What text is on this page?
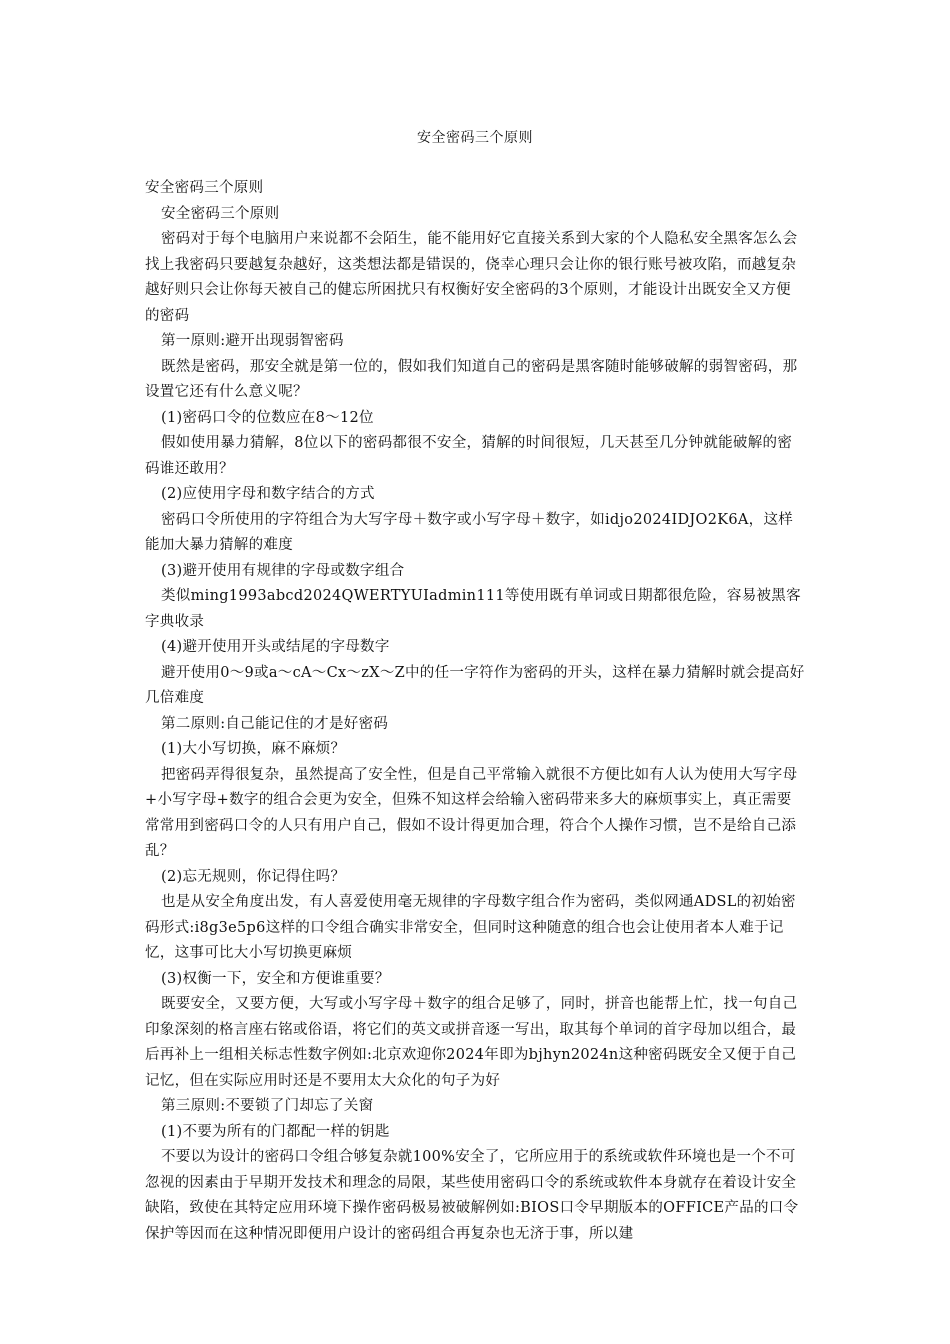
安全密码三个原则

安全密码三个原则

安全密码三个原则

密码对于每个电脑用户来说都不会陌生，能不能用好它直接关系到大家的个人隐私安全黑客怎么会找上我密码只要越复杂越好，这类想法都是错误的，侥幸心理只会让你的银行账号被攻陷，而越复杂越好则只会让你每天被自己的健忘所困扰只有权衡好安全密码的3个原则，才能设计出既安全又方便的密码

第一原则:避开出现弱智密码

既然是密码，那安全就是第一位的，假如我们知道自己的密码是黑客随时能够破解的弱智密码，那设置它还有什么意义呢？

(1)密码口令的位数应在8～12位

假如使用暴力猜解，8位以下的密码都很不安全，猜解的时间很短，几天甚至几分钟就能破解的密码谁还敢用？

(2)应使用字母和数字结合的方式

密码口令所使用的字符组合为大写字母＋数字或小写字母＋数字，如idjo2024IDJO2K6A，这样能加大暴力猜解的难度

(3)避开使用有规律的字母或数字组合

类似ming1993abcd2024QWERTYUIadmin111等使用既有单词或日期都很危险，容易被黑客字典收录

(4)避开使用开头或结尾的字母数字

避开使用0～9或a～cA～Cx～zX～Z中的任一字符作为密码的开头，这样在暴力猜解时就会提高好几倍难度

第二原则:自己能记住的才是好密码

(1)大小写切换，麻不麻烦？

把密码弄得很复杂，虽然提高了安全性，但是自己平常输入就很不方便比如有人认为使用大写字母+小写字母+数字的组合会更为安全，但殊不知这样会给输入密码带来多大的麻烦事实上，真正需要常常用到密码口令的人只有用户自己，假如不设计得更加合理，符合个人操作习惯，岂不是给自己添乱？

(2)忘无规则，你记得住吗？

也是从安全角度出发，有人喜爱使用毫无规律的字母数字组合作为密码，类似网通ADSL的初始密码形式:i8g3e5p6这样的口令组合确实非常安全，但同时这种随意的组合也会让使用者本人难于记忆，这事可比大小写切换更麻烦

(3)权衡一下，安全和方便谁重要？

既要安全，又要方便，大写或小写字母＋数字的组合足够了，同时，拼音也能帮上忙，找一句自己印象深刻的格言座右铭或俗语，将它们的英文或拼音逐一写出，取其每个单词的首字母加以组合，最后再补上一组相关标志性数字例如:北京欢迎你2024年即为bjhyn2024n这种密码既安全又便于自己记忆，但在实际应用时还是不要用太大众化的句子为好

第三原则:不要锁了门却忘了关窗

(1)不要为所有的门都配一样的钥匙

不要以为设计的密码口令组合够复杂就100%安全了，它所应用于的系统或软件环境也是一个不可忽视的因素由于早期开发技术和理念的局限，某些使用密码口令的系统或软件本身就存在着设计安全缺陷，致使在其特定应用环境下操作密码极易被破解例如:BIOS口令早期版本的OFFICE产品的口令保护等因而在这种情况即便用户设计的密码组合再复杂也无济于事，所以建
